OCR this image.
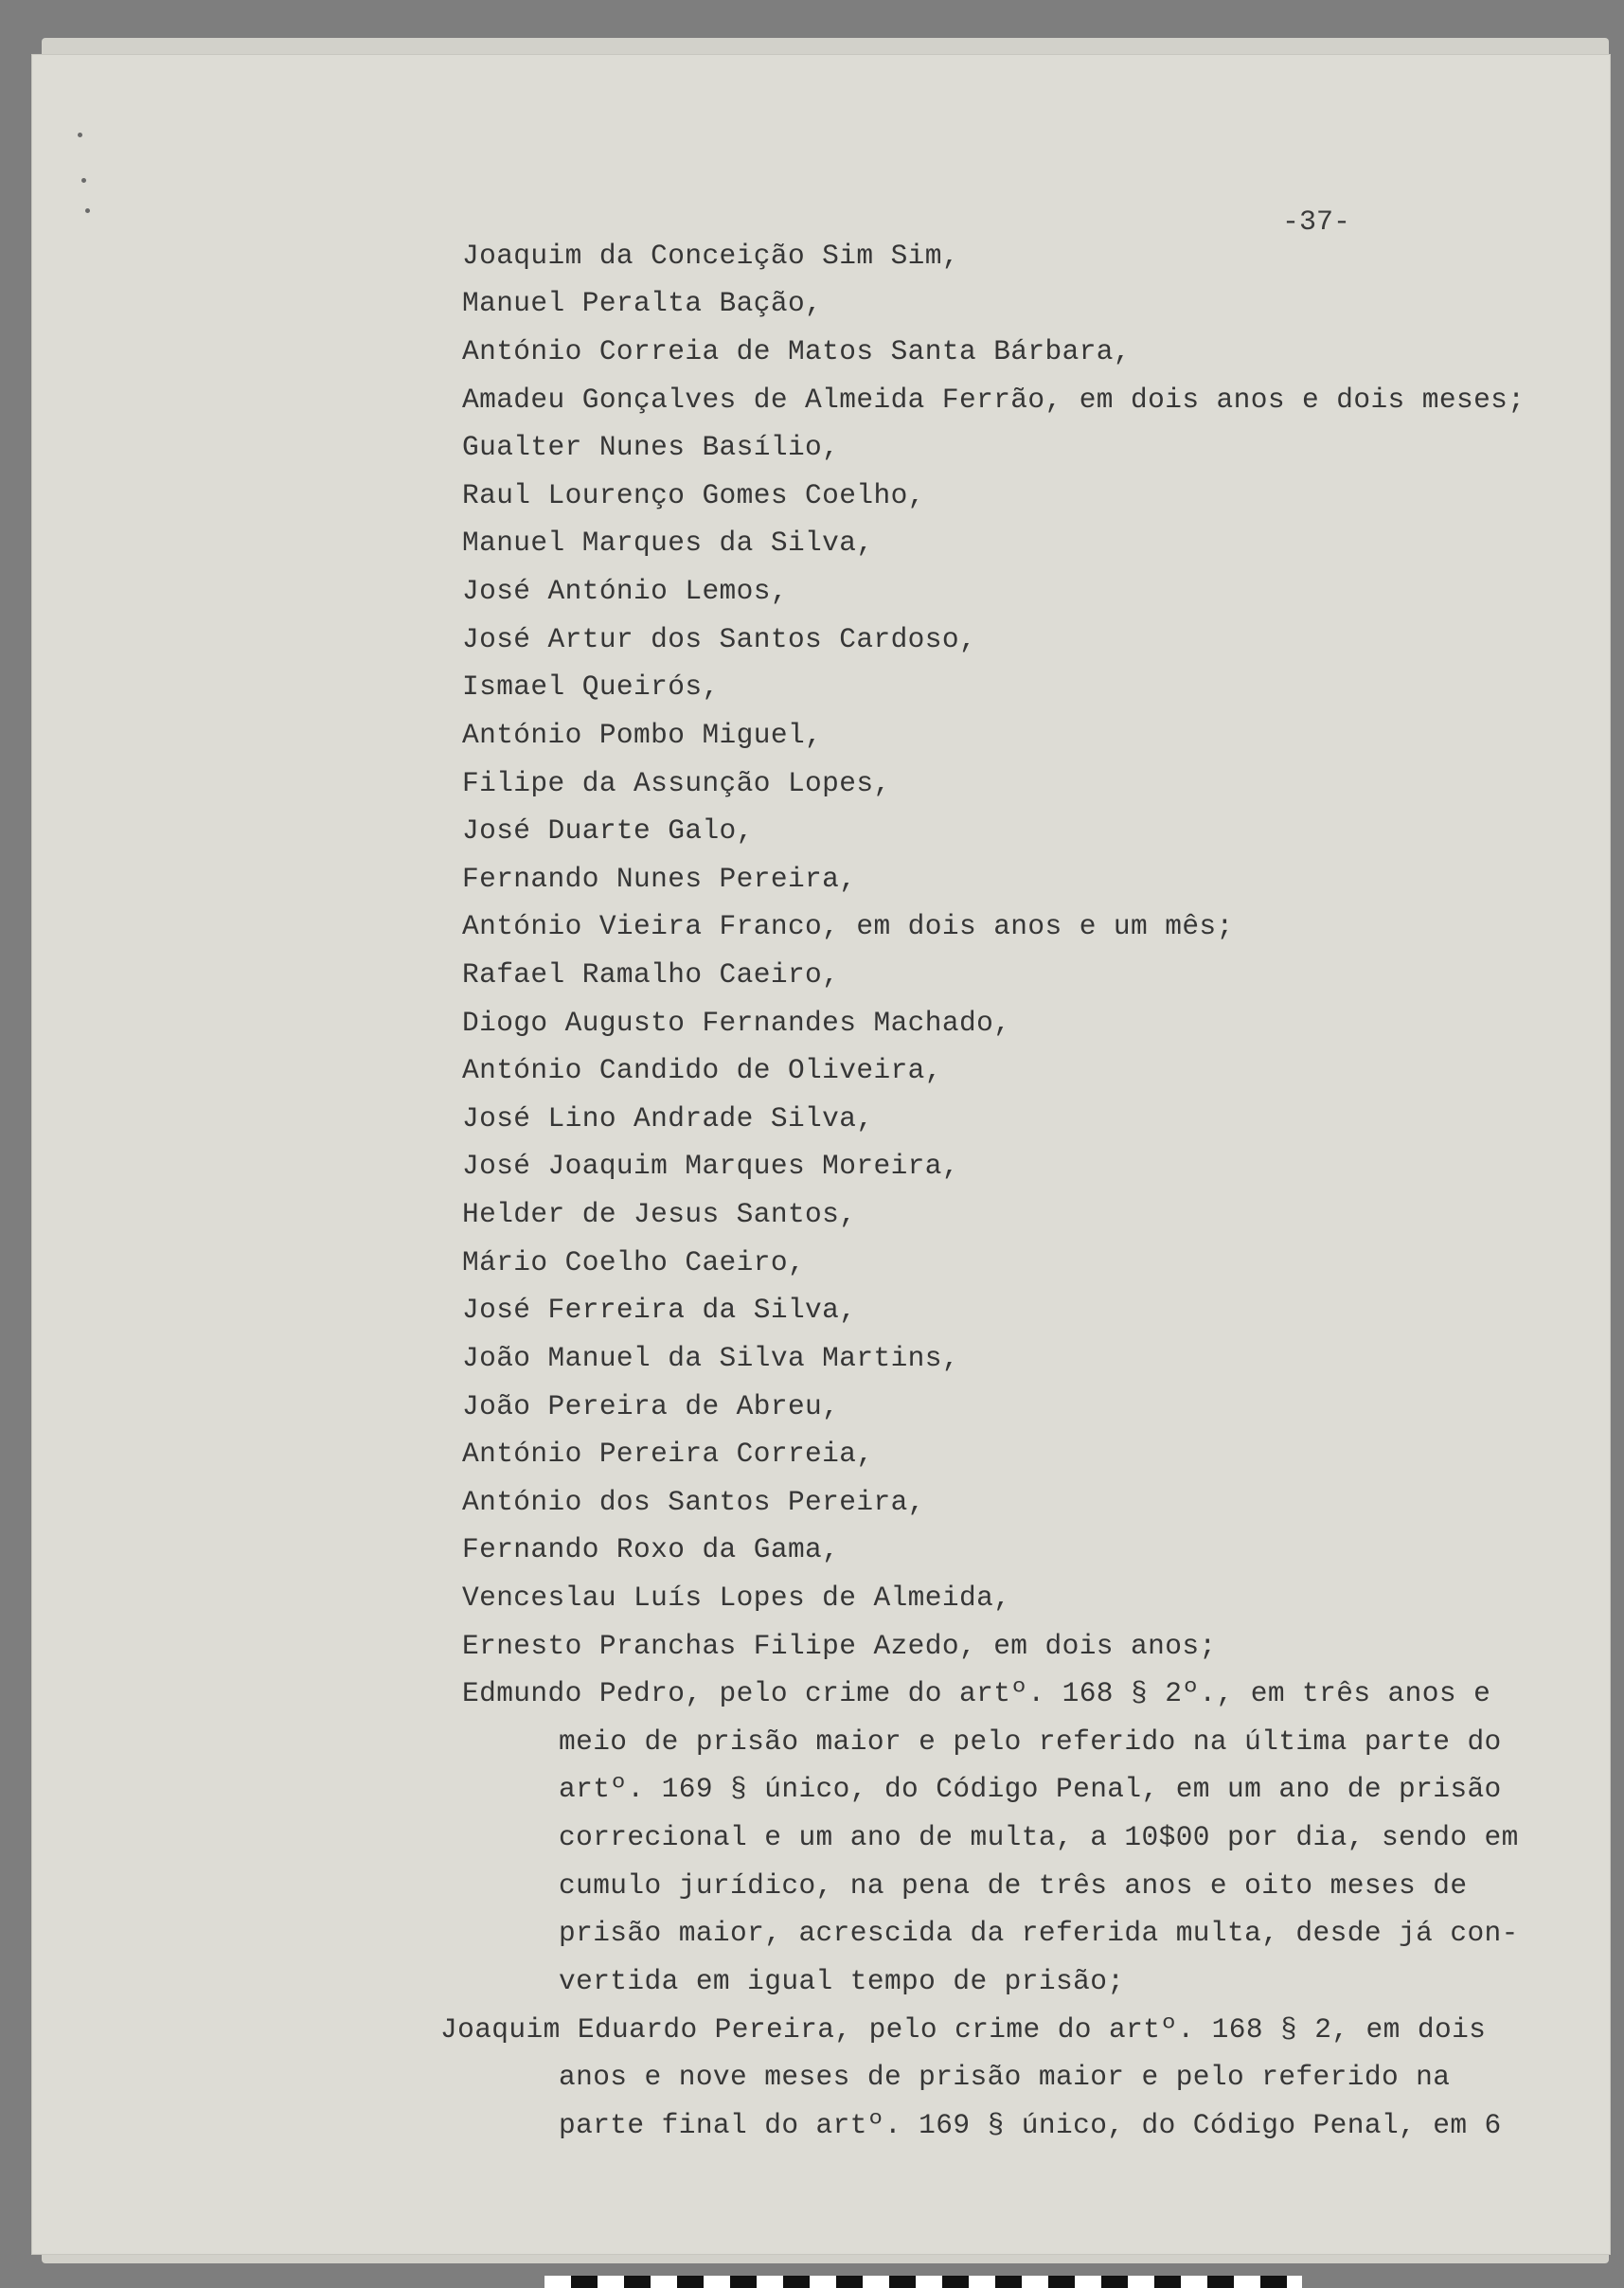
-37-
Joaquim da Conceição Sim Sim,
Manuel Peralta Bação,
António Correia de Matos Santa Bárbara,
Amadeu Gonçalves de Almeida Ferrão, em dois anos e dois meses;
Gualter Nunes Basílio,
Raul Lourenço Gomes Coelho,
Manuel Marques da Silva,
José António Lemos,
José Artur dos Santos Cardoso,
Ismael Queirós,
António Pombo Miguel,
Filipe da Assunção Lopes,
José Duarte Galo,
Fernando Nunes Pereira,
António Vieira Franco, em dois anos e um mês;
Rafael Ramalho Caeiro,
Diogo Augusto Fernandes Machado,
António Candido de Oliveira,
José Lino Andrade Silva,
José Joaquim Marques Moreira,
Helder de Jesus Santos,
Mário Coelho Caeiro,
José Ferreira da Silva,
João Manuel da Silva Martins,
João Pereira de Abreu,
António Pereira Correia,
António dos Santos Pereira,
Fernando Roxo da Gama,
Venceslau Luís Lopes de Almeida,
Ernesto Pranchas Filipe Azedo, em dois anos;
Edmundo Pedro, pelo crime do artº. 168 § 2º., em três anos e
meio de prisão maior e pelo referido na última parte do
artº. 169 § único, do Código Penal, em um ano de prisão
correcional e um ano de multa, a 10$00 por dia, sendo em
cumulo jurídico, na pena de três anos e oito meses de
prisão maior, acrescida da referida multa, desde já con-
vertida em igual tempo de prisão;
Joaquim Eduardo Pereira, pelo crime do artº. 168 § 2, em dois
anos e nove meses de prisão maior e pelo referido na
parte final do artº. 169 § único, do Código Penal, em 6
